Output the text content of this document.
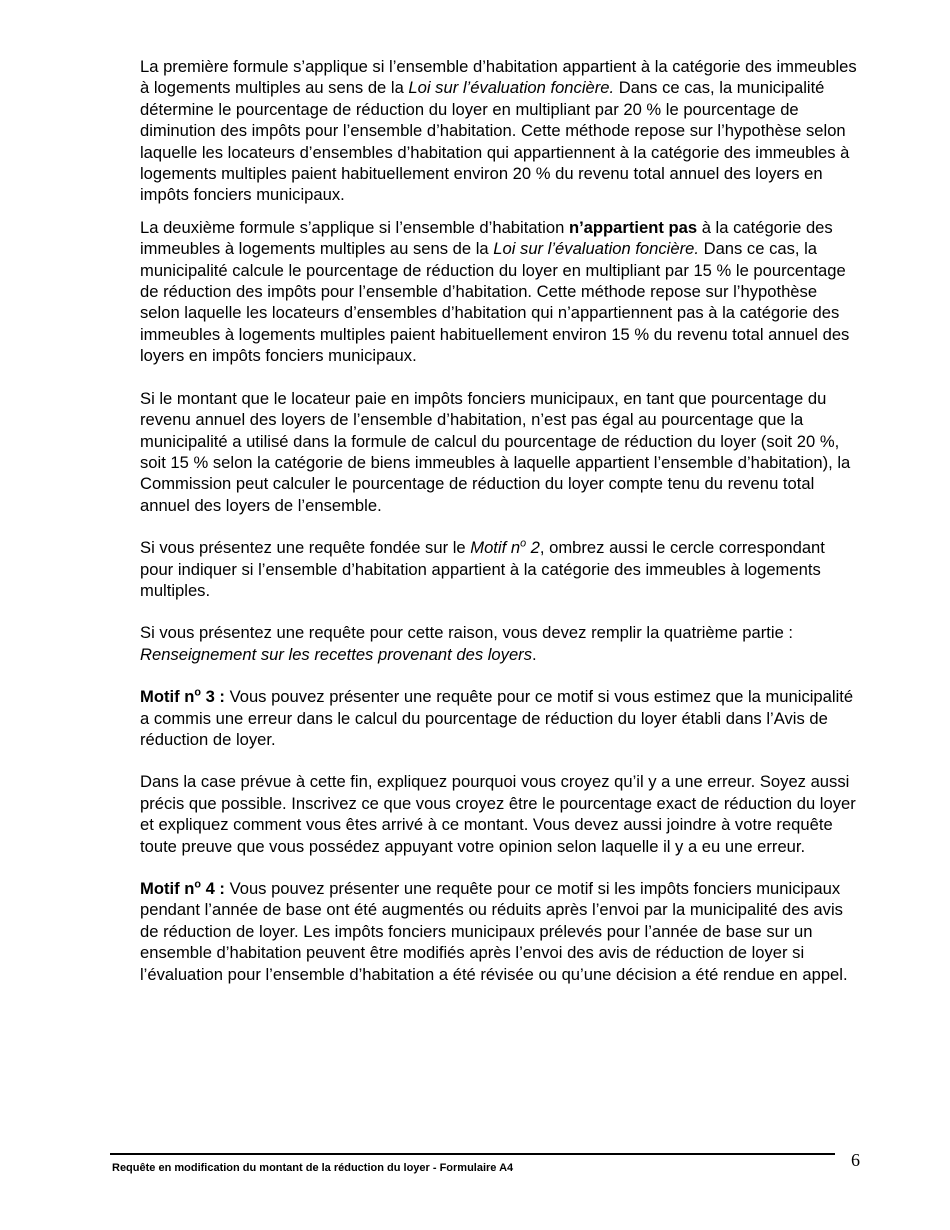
La première formule s’applique si l’ensemble d’habitation appartient à la catégorie des immeubles à logements multiples au sens de la Loi sur l’évaluation foncière. Dans ce cas, la municipalité détermine le pourcentage de réduction du loyer en multipliant par 20 % le pourcentage de diminution des impôts pour l’ensemble d’habitation. Cette méthode repose sur l’hypothèse selon laquelle les locateurs d’ensembles d’habitation qui appartiennent à la catégorie des immeubles à logements multiples paient habituellement environ 20 % du revenu total annuel des loyers en impôts fonciers municipaux.

La deuxième formule s’applique si l’ensemble d’habitation n’appartient pas à la catégorie des immeubles à logements multiples au sens de la Loi sur l’évaluation foncière. Dans ce cas, la municipalité calcule le pourcentage de réduction du loyer en multipliant par 15 % le pourcentage de réduction des impôts pour l’ensemble d’habitation. Cette méthode repose sur l’hypothèse selon laquelle les locateurs d’ensembles d’habitation qui n’appartiennent pas à la catégorie des immeubles à logements multiples paient habituellement environ 15 % du revenu total annuel des loyers en impôts fonciers municipaux.

Si le montant que le locateur paie en impôts fonciers municipaux, en tant que pourcentage du revenu annuel des loyers de l’ensemble d’habitation, n’est pas égal au pourcentage que la municipalité a utilisé dans la formule de calcul du pourcentage de réduction du loyer (soit 20 %, soit 15 % selon la catégorie de biens immeubles à laquelle appartient l’ensemble d’habitation), la Commission peut calculer le pourcentage de réduction du loyer compte tenu du revenu total annuel des loyers de l’ensemble.

Si vous présentez une requête fondée sur le Motif $n^o$ 2, ombrez aussi le cercle correspondant pour indiquer si l’ensemble d’habitation appartient à la catégorie des immeubles à logements multiples.

Si vous présentez une requête pour cette raison, vous devez remplir la quatrième partie : Renseignement sur les recettes provenant des loyers.

Motif $n^o$ 3 : Vous pouvez présenter une requête pour ce motif si vous estimez que la municipalité a commis une erreur dans le calcul du pourcentage de réduction du loyer établi dans l’Avis de réduction de loyer.

Dans la case prévue à cette fin, expliquez pourquoi vous croyez qu’il y a une erreur. Soyez aussi précis que possible. Inscrivez ce que vous croyez être le pourcentage exact de réduction du loyer et expliquez comment vous êtes arrivé à ce montant. Vous devez aussi joindre à votre requête toute preuve que vous possédez appuyant votre opinion selon laquelle il y a eu une erreur.

Motif $n^o$ 4 : Vous pouvez présenter une requête pour ce motif si les impôts fonciers municipaux pendant l’année de base ont été augmentés ou réduits après l’envoi par la municipalité des avis de réduction de loyer. Les impôts fonciers municipaux prélevés pour l’année de base sur un ensemble d’habitation peuvent être modifiés après l’envoi des avis de réduction de loyer si l’évaluation pour l’ensemble d’habitation a été révisée ou qu’une décision a été rendue en appel.

Requête en modification du montant de la réduction du loyer - Formulaire A4	6
